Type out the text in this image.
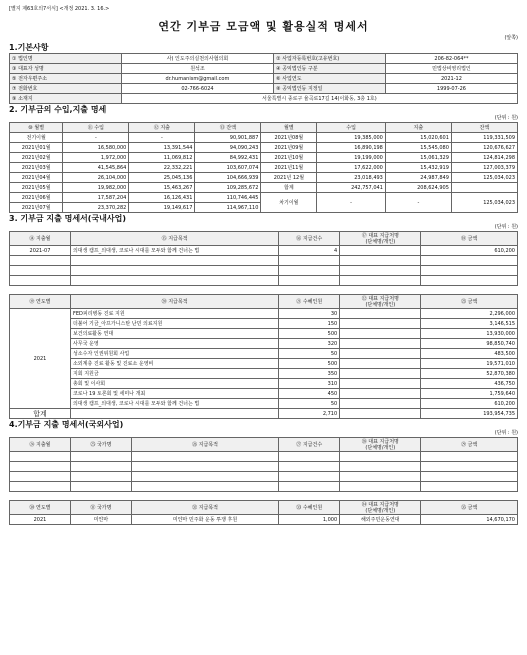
[별지 제63호의7서식] <개정 2021. 3. 16.>
연간 기부금 모금액 및 활용실적 명세서
(앞쪽)
1.기본사항
① 법인명	사) 인도주의실천의사협의회	② 사업자등록번호(고유번호)	206-82-064**
③ 대표자 성명	원석조	④ 공익법인등 구분	민법상비영리법인
⑤ 전자우편주소	dr.humanism@gmail.com	⑥ 사업연도	2021-12
⑦ 전화번호	02-766-6024	⑧ 공익법인등 지정일	1999-07-26
⑨ 소재지	서울특별시 종로구 율곡로17길 14(이화동, 3층 1호)		
2. 기부금의 수입,지출 명세
(단위 : 원)
⑩ 월별	⑪ 수입	⑫ 지출	⑬ 잔액	월별	수입	지출	잔액
전기이월	-	-	90,901,887	2021년08월	19,385,000	15,020,601	119,331,509
2021년01월	16,580,000	13,391,544	94,090,243	2021년09월	16,890,198	15,545,080	120,676,627
2021년02월	1,972,000	11,069,812	84,992,431	2021년10월	19,199,000	15,061,329	124,814,298
2021년03월	41,545,864	22,332,221	103,607,074	2021년11월	17,622,000	15,432,919	127,003,379
2021년04월	26,104,000	25,045,136	104,666,939	2021년 12월	23,018,493	24,987,849	125,034,023
2021년05월	19,982,000	15,463,267	109,285,672	합계	242,757,041	208,624,905	
2021년06월	17,587,204	16,126,431	110,746,445	차기이월	-	-	125,034,023
2021년07월	23,370,282	19,149,617	114,967,110				
3. 기부금 지출 명세서(국내사업)
(단위 : 원)
⑭ 지출월	⑮ 지급목적	⑯ 지급건수	⑰ 대표 지급처명
(단체명/개인)	⑱ 금액
2021-07	의대생 캠프_의대생, 코로나 시대를 모두와 함께 건너는 법	4		610,200

⑲ 연도별	⑳ 지급목적	㉑ 수혜인원	㉒ 대표 지급처명
(단체명/개인)	㉓ 금액
2021	FED피리병동 진료 지원	30		2,296,000
	더불어 기금_아프가니스탄 난민 의료지원	150		3,146,515
	보건의료활동 연대	500		13,930,000
	사무국 운영	320		98,850,740
	성소수자 인권위원회 사업	50		483,500
	소외계층 진료 활동 및 진료소 운영비	500		19,571,010
	지회 지원금	350		52,870,380
	총회 및 이사회	310		436,750
	코로나 19 토론회 및 세미나 개최	450		1,759,640
	의대생 캠프_의대생, 코로나 시대를 모두와 함께 건너는 법	50		610,200
합계		2,710		193,954,735
4.기부금 지출 명세서(국외사업)
(단위 : 원)
㉔ 지출월	㉕ 국가명	㉖ 지급목적	㉗ 지급건수	㉘ 대표 지급처명
(단체명/개인)	㉙ 금액

㉚ 연도별	㉛ 국가명	㉜ 지급목적	㉝ 수혜인원	㉞ 대표 지급처명
(단체명/개인)	㉟ 금액
2021	미얀마	미얀마 민주화 운동 투쟁 후원	1,000	해외주민운동연대	14,670,170
